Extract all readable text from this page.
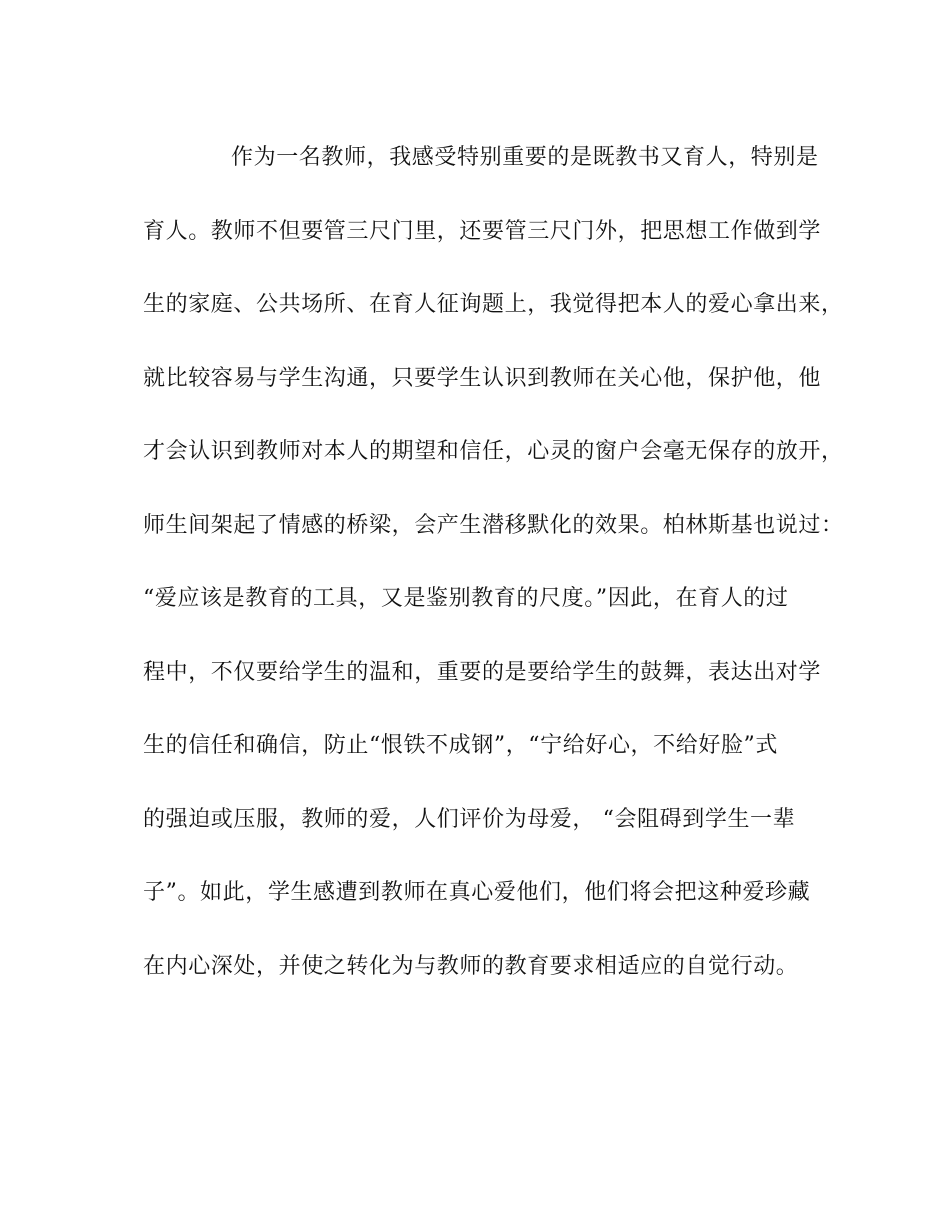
作为一名教师，我感受特别重要的是既教书又育人，特别是
育人。教师不但要管三尺门里，还要管三尺门外，把思想工作做到学
生的家庭、公共场所、在育人征询题上，我觉得把本人的爱心拿出来，
就比较容易与学生沟通，只要学生认识到教师在关心他，保护他，他
才会认识到教师对本人的期望和信任，心灵的窗户会毫无保存的放开，
师生间架起了情感的桥梁，会产生潜移默化的效果。柏林斯基也说过：
“爱应该是教育的工具，又是鉴别教育的尺度。”因此，在育人的过
程中，不仅要给学生的温和，重要的是要给学生的鼓舞，表达出对学
生的信任和确信，防止“恨铁不成钢”，“宁给好心，不给好脸”式
的强迫或压服，教师的爱，人们评价为母爱， “会阻碍到学生一辈
子”。如此，学生感遭到教师在真心爱他们，他们将会把这种爱珍藏
在内心深处，并使之转化为与教师的教育要求相适应的自觉行动。
